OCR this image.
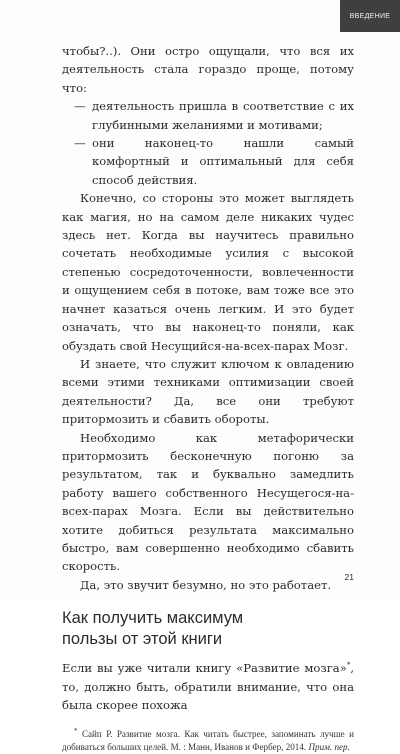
ВВЕДЕНИЕ

чтобы?..). Они остро ощущали, что вся их деятельность стала гораздо проще, потому что:

— деятельность пришла в соответствие с их глубинными желаниями и мотивами;
— они наконец-то нашли самый комфортный и оптимальный для себя способ действия.

Конечно, со стороны это может выглядеть как магия, но на самом деле никаких чудес здесь нет. Когда вы научитесь правильно сочетать необходимые усилия с высокой степенью сосредоточенности, вовлеченности и ощущением себя в потоке, вам тоже все это начнет казаться очень легким. И это будет означать, что вы наконец-то поняли, как обуздать свой Несущийся-на-всех-парах Мозг.

И знаете, что служит ключом к овладению всеми этими техниками оптимизации своей деятельности? Да, все они требуют притормозить и сбавить обороты.

Необходимо как метафорически притормозить бесконечную погоню за результатом, так и буквально замедлить работу вашего собственного Несущегося-на-всех-парах Мозга. Если вы действительно хотите добиться результата максимально быстро, вам совершенно необходимо сбавить скорость.

Да, это звучит безумно, но это работает.

Как получить максимум пользы от этой книги

Если вы уже читали книгу «Развитие мозга»*, то, должно быть, обратили внимание, что она была скорее похожа

* Сайп Р. Развитие мозга. Как читать быстрее, запоминать лучше и добиваться больших целей. М. : Манн, Иванов и Фербер, 2014. Прим. пер.

21
